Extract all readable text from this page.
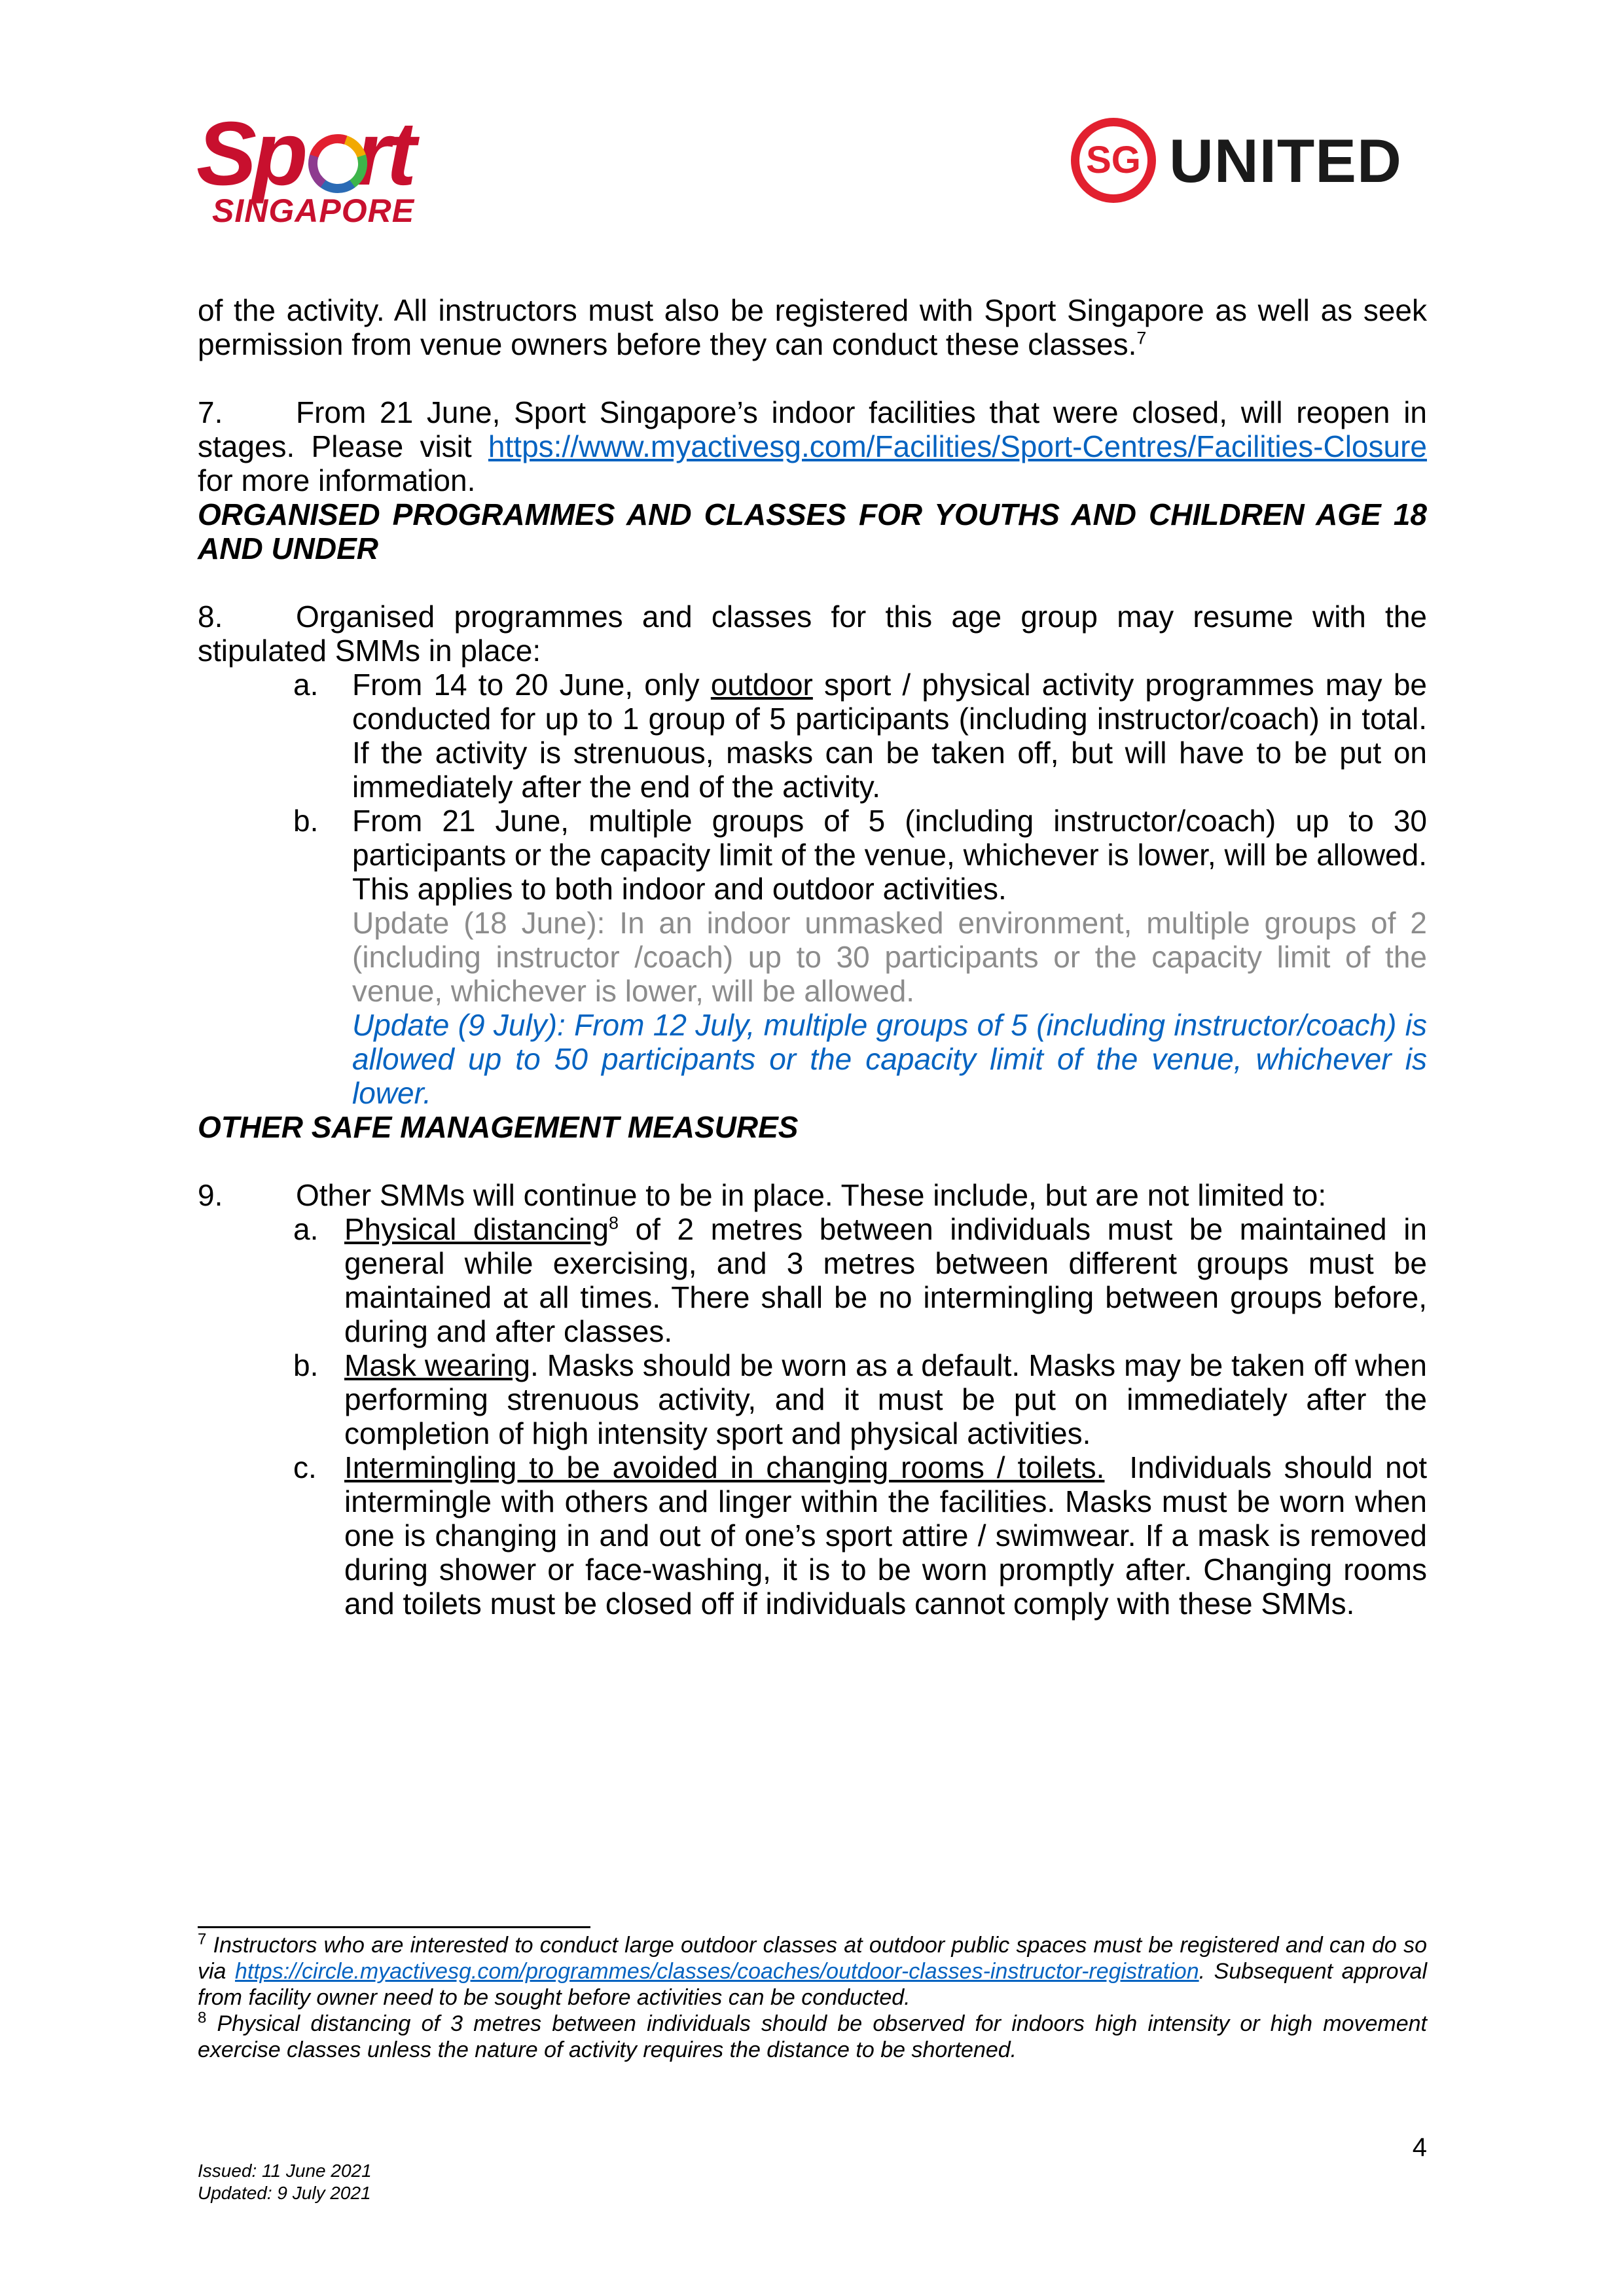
Sp rt
SINGAPORE
SG UNITED

of the activity. All instructors must also be registered with Sport Singapore as well as seek permission from venue owners before they can conduct these classes.$^7$

7. From 21 June, Sport Singapore’s indoor facilities that were closed, will reopen in stages. Please visit https://www.myactivesg.com/Facilities/Sport-Centres/Facilities-Closure for more information.

ORGANISED PROGRAMMES AND CLASSES FOR YOUTHS AND CHILDREN AGE 18 AND UNDER

8. Organised programmes and classes for this age group may resume with the stipulated SMMs in place:

a. From 14 to 20 June, only outdoor sport / physical activity programmes may be conducted for up to 1 group of 5 participants (including instructor/coach) in total. If the activity is strenuous, masks can be taken off, but will have to be put on immediately after the end of the activity.

b. From 21 June, multiple groups of 5 (including instructor/coach) up to 30 participants or the capacity limit of the venue, whichever is lower, will be allowed. This applies to both indoor and outdoor activities.
Update (18 June): In an indoor unmasked environment, multiple groups of 2 (including instructor /coach) up to 30 participants or the capacity limit of the venue, whichever is lower, will be allowed.
Update (9 July): From 12 July, multiple groups of 5 (including instructor/coach) is allowed up to 50 participants or the capacity limit of the venue, whichever is lower.

OTHER SAFE MANAGEMENT MEASURES

9. Other SMMs will continue to be in place. These include, but are not limited to:

a. Physical distancing$^8$ of 2 metres between individuals must be maintained in general while exercising, and 3 metres between different groups must be maintained at all times. There shall be no intermingling between groups before, during and after classes.

b. Mask wearing. Masks should be worn as a default. Masks may be taken off when performing strenuous activity, and it must be put on immediately after the completion of high intensity sport and physical activities.

c. Intermingling to be avoided in changing rooms / toilets. Individuals should not intermingle with others and linger within the facilities. Masks must be worn when one is changing in and out of one’s sport attire / swimwear. If a mask is removed during shower or face-washing, it is to be worn promptly after. Changing rooms and toilets must be closed off if individuals cannot comply with these SMMs.

$^7$ Instructors who are interested to conduct large outdoor classes at outdoor public spaces must be registered and can do so via https://circle.myactivesg.com/programmes/classes/coaches/outdoor-classes-instructor-registration. Subsequent approval from facility owner need to be sought before activities can be conducted.

$^8$ Physical distancing of 3 metres between individuals should be observed for indoors high intensity or high movement exercise classes unless the nature of activity requires the distance to be shortened.

4
Issued: 11 June 2021
Updated: 9 July 2021
